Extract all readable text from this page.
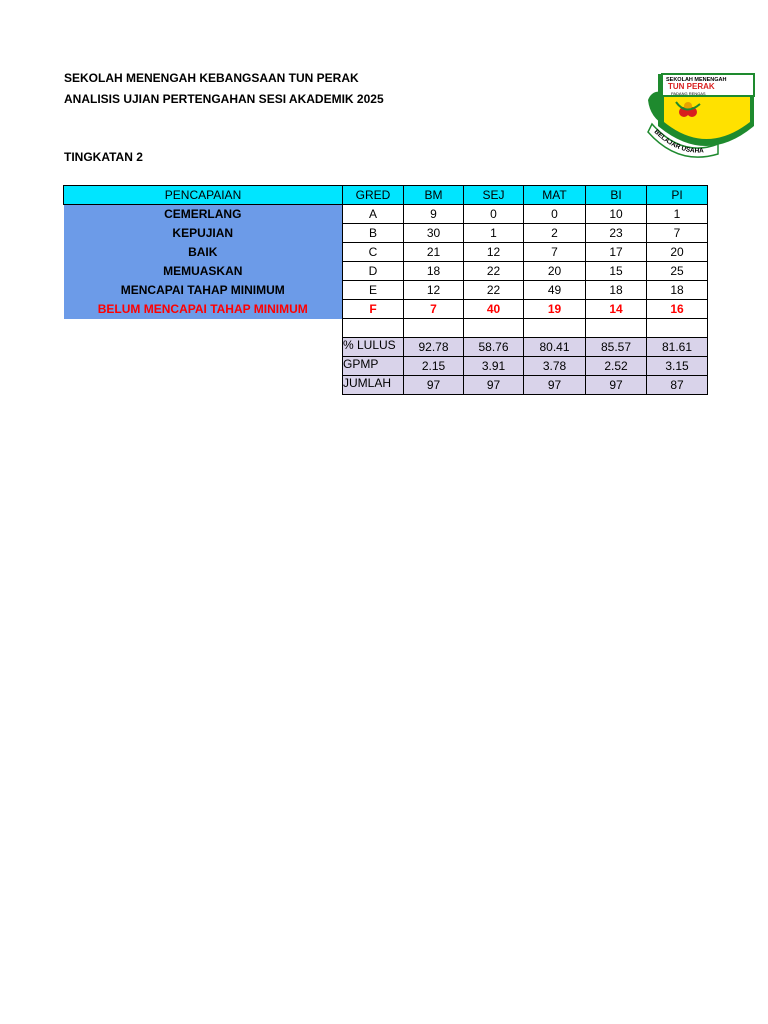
SEKOLAH MENENGAH KEBANGSAAN TUN PERAK
ANALISIS UJIAN PERTENGAHAN SESI AKADEMIK 2025
TINGKATAN 2
SEKOLAH MENENGAH
TUN PERAK
PADANG RENGAS
BELAJAR USAHA
PENCAPAIAN	GRED	BM	SEJ	MAT	BI	PI
CEMERLANG	A	9	0	0	10	1
KEPUJIAN	B	30	1	2	23	7
BAIK	C	21	12	7	17	20
MEMUASKAN	D	18	22	20	15	25
MENCAPAI TAHAP MINIMUM	E	12	22	49	18	18
BELUM MENCAPAI TAHAP MINIMUM	F	7	40	19	14	16

	% LULUS	92.78	58.76	80.41	85.57	81.61
	GPMP	2.15	3.91	3.78	2.52	3.15
	JUMLAH	97	97	97	97	87
